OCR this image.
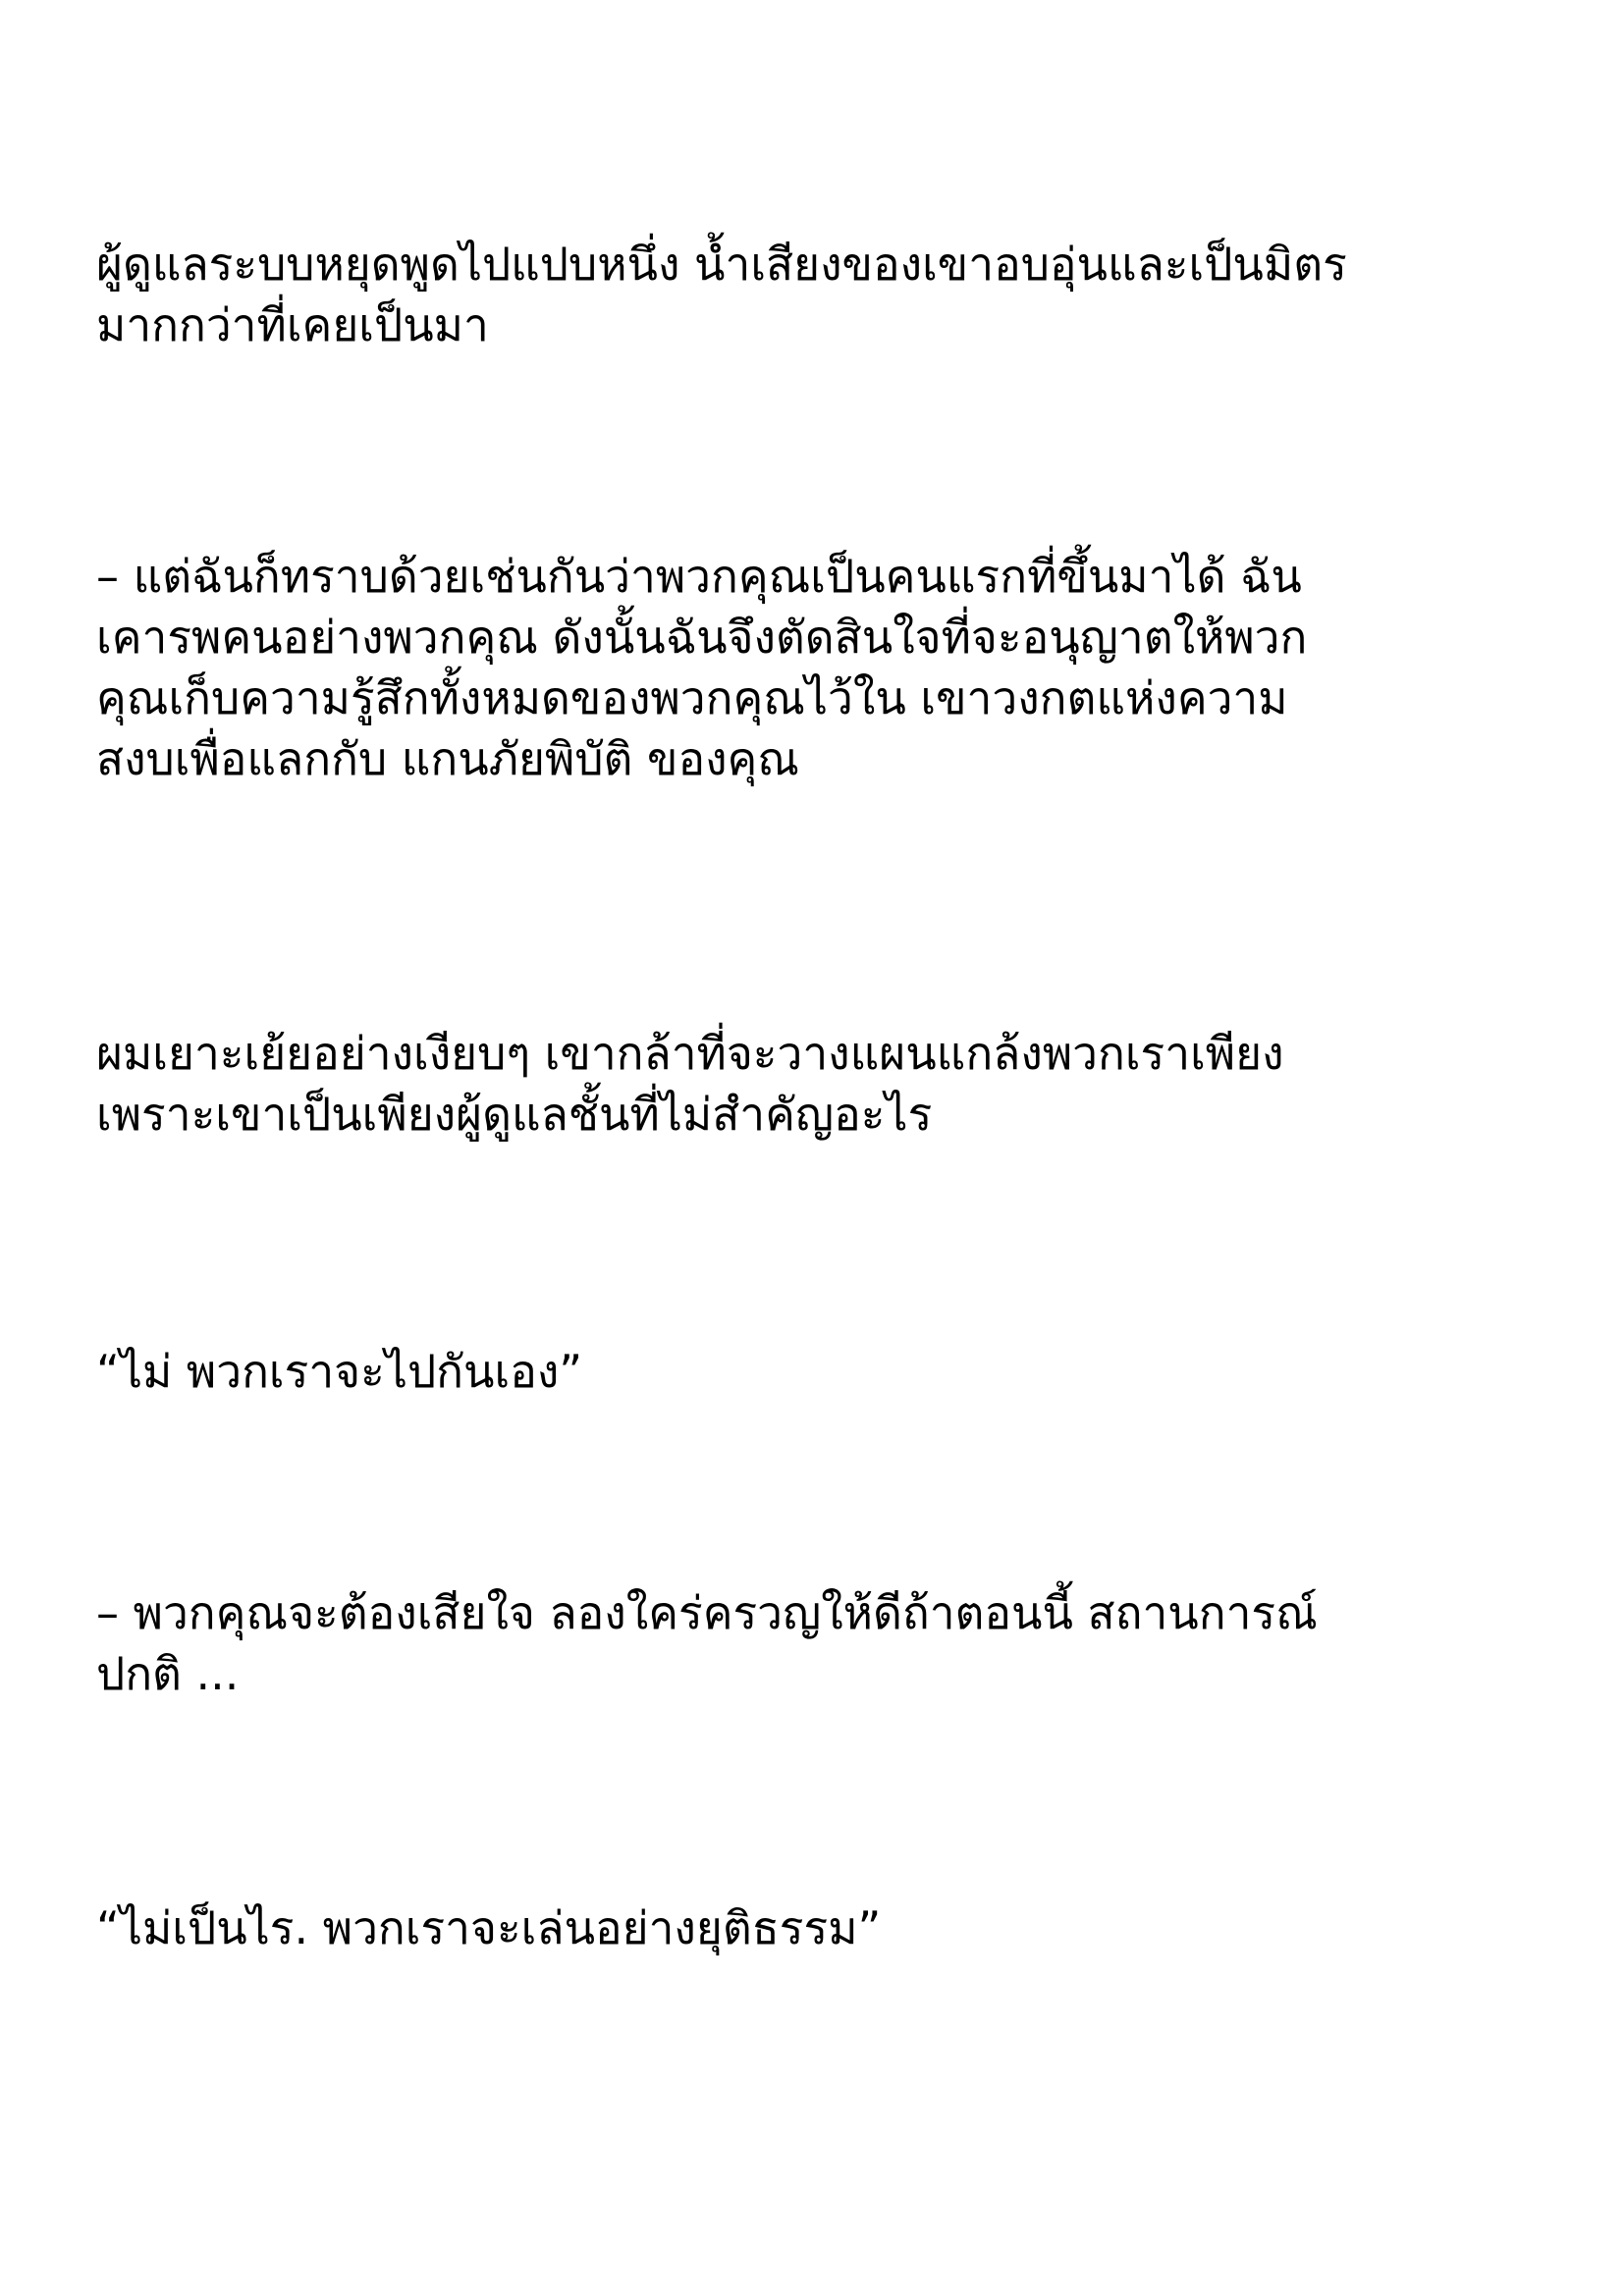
ผู้ดูแลระบบหยุดพูดไปแปบหนึ่ง น้ำเสียงของเขาอบอุ่นและเป็นมิตร
มากกว่าที่เคยเป็นมา

– แต่ฉันก็ทราบด้วยเช่นกันว่าพวกคุณเป็นคนแรกที่ขึ้นมาได้ ฉัน
เคารพคนอย่างพวกคุณ ดังนั้นฉันจึงตัดสินใจที่จะอนุญาตให้พวก
คุณเก็บความรู้สึกทั้งหมดของพวกคุณไว้ใน เขาวงกตแห่งความ
สงบเพื่อแลกกับ แกนภัยพิบัติ ของคุณ

ผมเยาะเย้ยอย่างเงียบๆ เขากล้าที่จะวางแผนแกล้งพวกเราเพียง
เพราะเขาเป็นเพียงผู้ดูแลชั้นที่ไม่สำคัญอะไร

“ไม่ พวกเราจะไปกันเอง”

– พวกคุณจะต้องเสียใจ ลองใคร่ครวญให้ดีถ้าตอนนี้ สถานการณ์
ปกติ ...

“ไม่เป็นไร. พวกเราจะเล่นอย่างยุติธรรม”
